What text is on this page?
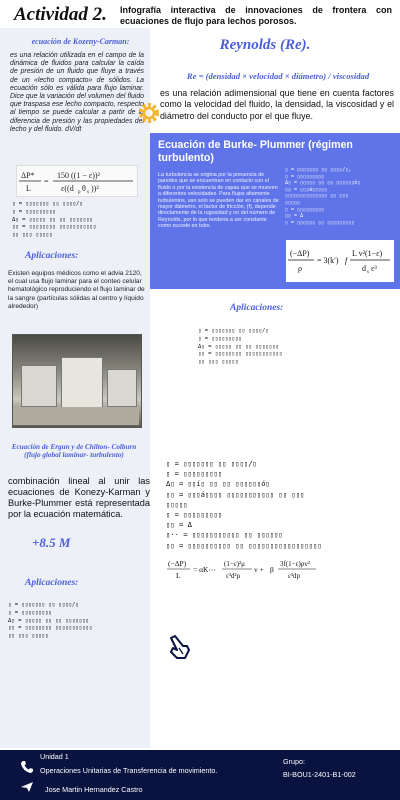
Actividad 2. Infografía interactiva de innovaciones de frontera con ecuaciones de flujo para lechos porosos.
ecuación de Kozeny-Carman:
es una relación utilizada en el campo de la dinámica de fluidos para calcular la caída de presión de un fluido que fluye a través de un «lecho compacto» de sólidos. La ecuación sólo es válida para flujo laminar. Dice que la variación del volumen del fluido que traspasa ese lecho compacto, respecto al tiempo se puede calcular a partir de la diferencia de presión y las propiedades del lecho y del fluido. dV/dt
ΔP*
L
=
150 ((1 − ε))²
ε((d p θ s ))²
▯ = ▯▯▯▯▯▯▯ ▯▯ ▯▯▯▯/▯
▯ = ▯▯▯▯▯▯▯▯▯
Δ▯ = ▯▯▯▯▯ ▯▯ ▯▯ ▯▯▯▯▯▯▯
▯▯ = ▯▯▯▯▯▯▯▯ ▯▯▯▯▯▯▯▯▯▯▯
▯▯ ▯▯▯ ▯▯▯▯▯
Aplicaciones:
Existen equipos médicos como el advia 2120, el cual usa flujo laminar para el conteo celular hematológico reproduciendo el flujo laminar de la sangre (partículas sólidas al centro y líquido alrededor)
Ecuación de Ergun y de Chilton- Colburn (flujo global laminar- turbulento)
combinación lineal al unir las ecuaciones de Konezy-Karman y Burke-Plummer está representada por la ecuación matemática.
+8.5 M
Aplicaciones:
▯ = ▯▯▯▯▯▯▯ ▯▯ ▯▯▯▯/▯
▯ = ▯▯▯▯▯▯▯▯▯
Δ▯ = ▯▯▯▯▯ ▯▯ ▯▯ ▯▯▯▯▯▯▯
▯▯ = ▯▯▯▯▯▯▯▯ ▯▯▯▯▯▯▯▯▯▯▯
▯▯ ▯▯▯ ▯▯▯▯▯
Reynolds (Re).
Re = (densidad × velocidad × diámetro) / viscosidad
es una relación adimensional que tiene en cuenta factores como la velocidad del fluido, la densidad, la viscosidad y el diámetro del conducto por el que fluye.
Ecuación de Burke- Plummer (régimen turbulento)
La turbulencia se origina por la presencia de paredes que se encuentran en contacto con el fluido o por la existencia de capas que se mueven a diferentes velocidades. Para flujos altamente turbulentos, uso solo se pueden dar en canales de mayor diámetro, el factor de fricción, (f), depende directamente de la rugosidad y no del número de Reynolds, por lo que tenderia a ser constante como sucede en tubo.
▯ = ▯▯▯▯▯▯▯ ▯▯ ▯▯▯▯/▯,
▯ = ▯▯▯▯▯▯▯▯▯
Δ▯ = ▯▯▯▯▯ ▯▯ ▯▯ ▯▯▯▯▯▯ó▯
▯▯ = ▯▯▯á▯▯▯▯▯
▯▯▯▯▯▯▯▯▯▯▯▯▯▯ ▯▯ ▯▯▯
▯▯▯▯▯
▯ = ▯▯▯▯▯▯▯▯▯
▯▯ = Δ
▯ = ▯▯▯▯▯▯ ▯▯ ▯▯▯▯▯▯▯▯▯
(−ΔP)
ρ
= 3(k′) f
L v²(1−ε)
d s ε³
Aplicaciones:
▯ = ▯▯▯▯▯▯▯ ▯▯ ▯▯▯▯/▯
▯ = ▯▯▯▯▯▯▯▯▯
Δ▯ = ▯▯▯▯▯ ▯▯ ▯▯ ▯▯▯▯▯▯▯
▯▯ = ▯▯▯▯▯▯▯▯ ▯▯▯▯▯▯▯▯▯▯▯
▯▯ ▯▯▯ ▯▯▯▯▯
▯ = ▯▯▯▯▯▯▯ ▯▯ ▯▯▯▯/▯
▯ = ▯▯▯▯▯▯▯▯▯
Δ▯ = ▯▯í▯ ▯▯ ▯▯ ▯▯▯▯▯▯ó▯
▯▯ = ▯▯▯á▯▯▯▯ ▯▯▯▯▯▯▯▯▯▯▯ ▯▯ ▯▯▯
▯▯▯▯▯
▯ = ▯▯▯▯▯▯▯▯▯
▯▯ = Δ
▯·· = ▯▯▯▯▯▯▯▯▯▯▯ ▯▯ ▯▯▯▯▯▯
▯▯ = ▯▯▯▯▯▯▯▯▯▯ ▯▯ ▯▯▯▯▯▯▯▯▯▯▯▯▯▯▯▯▯
(−ΔP)
L
= αK⋯
(1−ε)²μ
ε³d²ρ
v + β
3f(1−ε)ρv²
ε³dp
Unidad 1
Operaciones Unitarias de Transferencia de movimiento.
Jose Martin Hernandez Castro
Grupo:
BI-BOU1-2401-B1-002
